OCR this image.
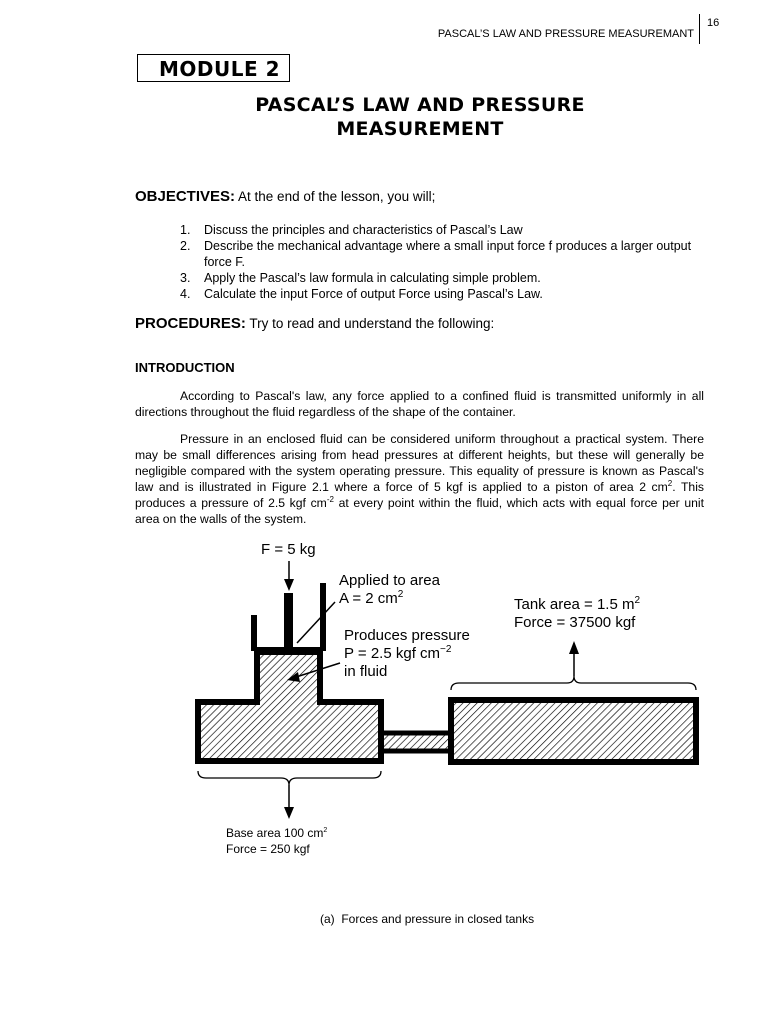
PASCAL’S LAW AND PRESSURE MEASUREMANT
16
MODULE 2
PASCAL’S LAW AND PRESSURE
MEASUREMENT
OBJECTIVES: At the end of the lesson, you will;
1. Discuss the principles and characteristics of Pascal’s Law
2. Describe the mechanical advantage where a small input force f produces a larger output force F.
3. Apply the Pascal’s law formula in calculating simple problem.
4. Calculate the input Force of output Force using Pascal’s Law.
PROCEDURES: Try to read and understand the following:
INTRODUCTION

According to Pascal's law, any force applied to a confined fluid is transmitted uniformly in all directions throughout the fluid regardless of the shape of the container.

Pressure in an enclosed fluid can be considered uniform throughout a practical system. There may be small differences arising from head pressures at different heights, but these will generally be negligible compared with the system operating pressure. This equality of pressure is known as Pascal's law and is illustrated in Figure 2.1 where a force of 5 kgf is applied to a piston of area 2 $cm^2$. This produces a pressure of 2.5 kgf $cm^{-2}$ at every point within the fluid, which acts with equal force per unit area on the walls of the system.

F = 5 kg
Applied to area
A = 2 $cm^2$
Produces pressure
P = 2.5 kgf $cm^{-2}$
in fluid
Tank area = 1.5 $m^2$
Force = 37500 kgf
Base area 100 $cm^2$
Force = 250 kgf
(a) Forces and pressure in closed tanks
